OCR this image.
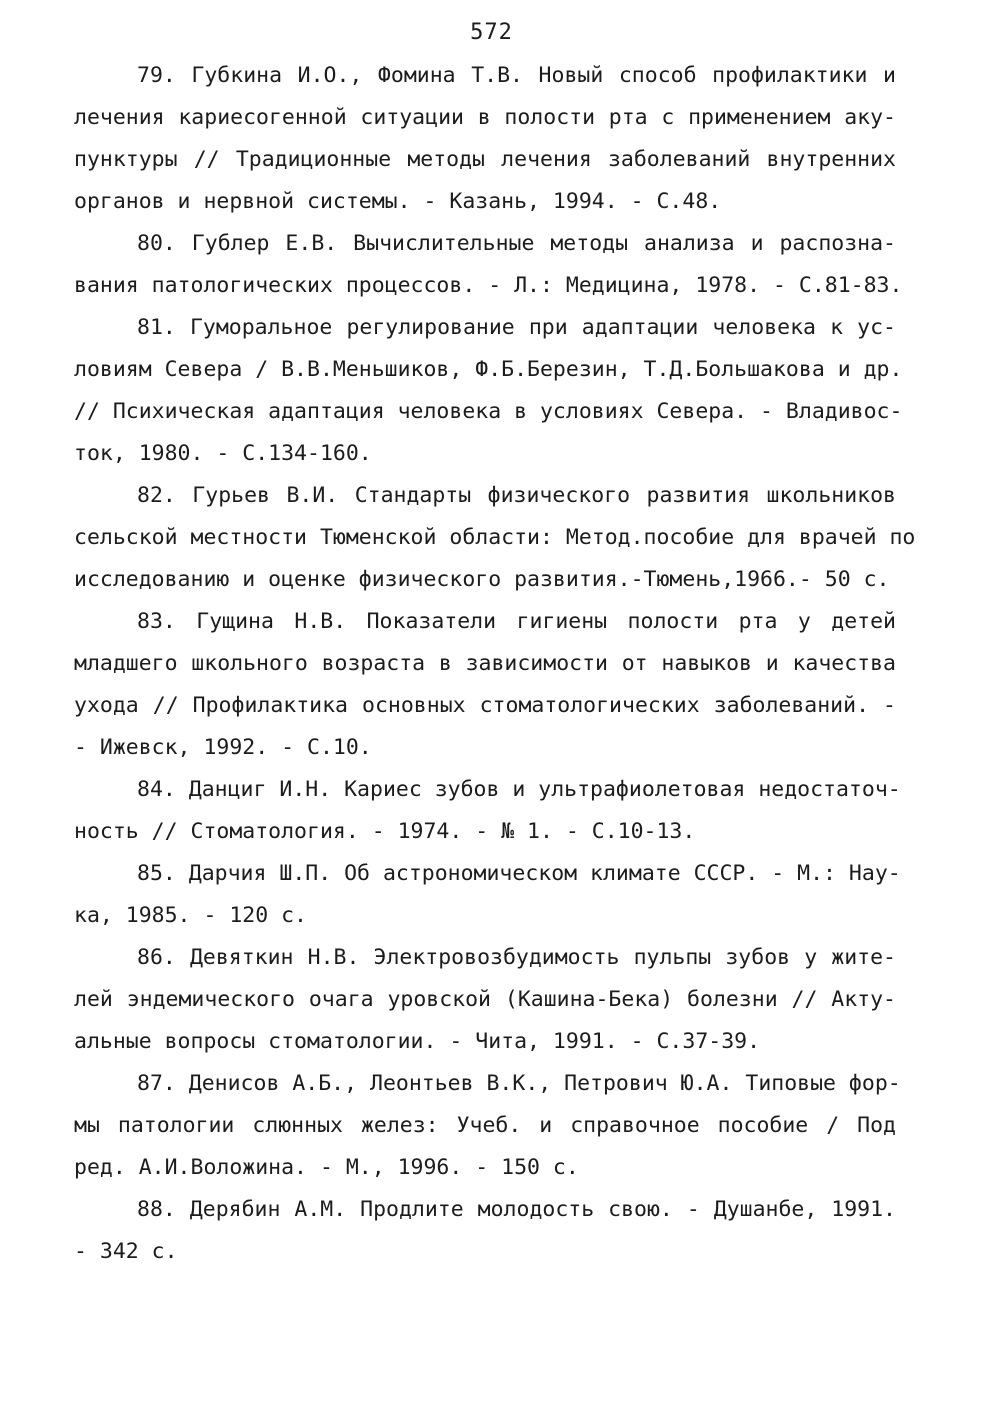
572
79. Губкина И.О., Фомина Т.В. Новый способ профилактики и
лечения кариесогенной ситуации в полости рта с применением аку-
пунктуры // Традиционные методы лечения заболеваний внутренних
органов и нервной системы. - Казань, 1994. - С.48.
80. Гублер Е.В. Вычислительные методы анализа и распозна-
вания патологических процессов. - Л.: Медицина, 1978. - С.81-83.
81. Гуморальное регулирование при адаптации человека к ус-
ловиям Севера / В.В.Меньшиков, Ф.Б.Березин, Т.Д.Большакова и др.
// Психическая адаптация человека в условиях Севера. - Владивос-
ток, 1980. - С.134-160.
82. Гурьев В.И. Стандарты физического развития школьников
сельской местности Тюменской области: Метод.пособие для врачей по
исследованию и оценке физического развития.-Тюмень,1966.- 50 с.
83. Гущина Н.В. Показатели гигиены полости рта у детей
младшего школьного возраста в зависимости от навыков и качества
ухода // Профилактика основных стоматологических заболеваний. -
- Ижевск, 1992. - С.10.
84. Данциг И.Н. Кариес зубов и ультрафиолетовая недостаточ-
ность // Стоматология. - 1974. - № 1. - С.10-13.
85. Дарчия Ш.П. Об астрономическом климате СССР. - М.: Нау-
ка, 1985. - 120 с.
86. Девяткин Н.В. Электровозбудимость пульпы зубов у жите-
лей эндемического очага уровской (Кашина-Бека) болезни // Акту-
альные вопросы стоматологии. - Чита, 1991. - С.37-39.
87. Денисов А.Б., Леонтьев В.К., Петрович Ю.А. Типовые фор-
мы патологии слюнных желез: Учеб. и справочное пособие / Под
ред. А.И.Воложина. - М., 1996. - 150 с.
88. Дерябин А.М. Продлите молодость свою. - Душанбе, 1991.
- 342 с.
